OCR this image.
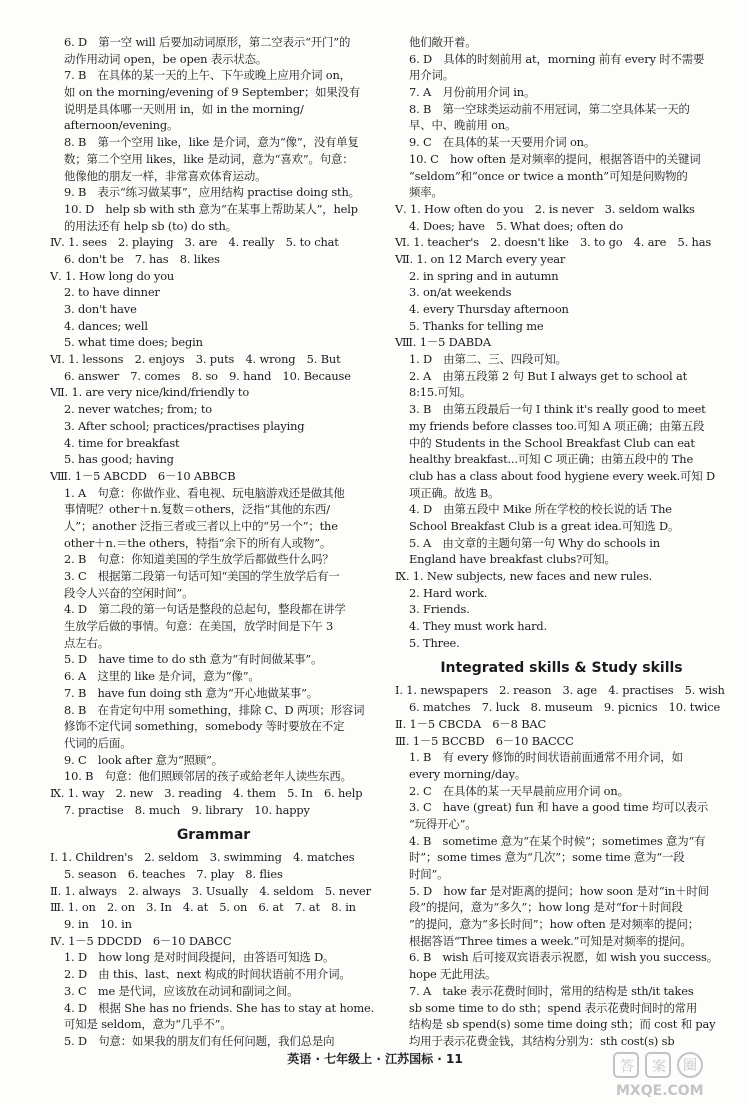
6. D　第一空 will 后要加动词原形，第二空表示“开门”的
动作用动词 open，be open 表示状态。
7. B　在具体的某一天的上午、下午或晚上应用介词 on，
如 on the morning/evening of 9 September；如果没有
说明是具体哪一天则用 in，如 in the morning/
afternoon/evening。
8. B　第一个空用 like，like 是介词，意为“像”，没有单复
数；第二个空用 likes，like 是动词，意为“喜欢”。句意：
他像他的朋友一样，非常喜欢体育运动。
9. B　表示“练习做某事”，应用结构 practise doing sth。
10. D　help sb with sth 意为“在某事上帮助某人”，help
的用法还有 help sb (to) do sth。
Ⅳ. 1. sees　2. playing　3. are　4. really　5. to chat
6. don't be　7. has　8. likes
Ⅴ. 1. How long do you
2. to have dinner
3. don't have
4. dances; well
5. what time does; begin
Ⅵ. 1. lessons　2. enjoys　3. puts　4. wrong　5. But
6. answer　7. comes　8. so　9. hand　10. Because
Ⅶ. 1. are very nice/kind/friendly to
2. never watches; from; to
3. After school; practices/practises playing
4. time for breakfast
5. has good; having
Ⅷ. 1－5 ABCDD　6－10 ABBCB
1. A　句意：你做作业、看电视、玩电脑游戏还是做其他
事情呢？other＋n.复数＝others，泛指“其他的东西/
人”；another 泛指三者或三者以上中的“另一个”；the
other＋n.＝the others，特指“余下的所有人或物”。
2. B　句意：你知道美国的学生放学后都做些什么吗？
3. C　根据第二段第一句话可知“美国的学生放学后有一
段令人兴奋的空闲时间”。
4. D　第二段的第一句话是整段的总起句，整段都在讲学
生放学后做的事情。句意：在美国，放学时间是下午 3
点左右。
5. D　have time to do sth 意为“有时间做某事”。
6. A　这里的 like 是介词，意为“像”。
7. B　have fun doing sth 意为“开心地做某事”。
8. B　在肯定句中用 something，排除 C、D 两项；形容词
修饰不定代词 something，somebody 等时要放在不定
代词的后面。
9. C　look after 意为“照顾”。
10. B　句意：他们照顾邻居的孩子或給老年人读些东西。
Ⅸ. 1. way　2. new　3. reading　4. them　5. In　6. help
7. practise　8. much　9. library　10. happy
Grammar
Ⅰ. 1. Children's　2. seldom　3. swimming　4. matches
5. season　6. teaches　7. play　8. flies
Ⅱ. 1. always　2. always　3. Usually　4. seldom　5. never
Ⅲ. 1. on　2. on　3. In　4. at　5. on　6. at　7. at　8. in
9. in　10. in
Ⅳ. 1－5 DDCDD　6－10 DABCC
1. D　how long 是对时间段提问，由答语可知选 D。
2. D　由 this、last、next 构成的时间状语前不用介词。
3. C　me 是代词，应该放在动词和副词之间。
4. D　根据 She has no friends. She has to stay at home.
可知是 seldom，意为“几乎不”。
5. D　句意：如果我的朋友们有任何问题，我们总是向
他们敞开着。
6. D　具体的时刻前用 at，morning 前有 every 时不需要
用介词。
7. A　月份前用介词 in。
8. B　第一空球类运动前不用冠词，第二空具体某一天的
早、中、晚前用 on。
9. C　在具体的某一天要用介词 on。
10. C　how often 是对频率的提问，根据答语中的关键词
“seldom”和“once or twice a month”可知是问购物的
频率。
Ⅴ. 1. How often do you　2. is never　3. seldom walks
4. Does; have　5. What does; often do
Ⅵ. 1. teacher's　2. doesn't like　3. to go　4. are　5. has
Ⅶ. 1. on 12 March every year
2. in spring and in autumn
3. on/at weekends
4. every Thursday afternoon
5. Thanks for telling me
Ⅷ. 1－5 DABDA
1. D　由第二、三、四段可知。
2. A　由第五段第 2 句 But I always get to school at
8:15.可知。
3. B　由第五段最后一句 I think it's really good to meet
my friends before classes too.可知 A 项正确；由第五段
中的 Students in the School Breakfast Club can eat
healthy breakfast...可知 C 项正确；由第五段中的 The
club has a class about food hygiene every week.可知 D
项正确。故选 B。
4. D　由第五段中 Mike 所在学校的校长说的话 The
School Breakfast Club is a great idea.可知选 D。
5. A　由文章的主题句第一句 Why do schools in
England have breakfast clubs?可知。
Ⅸ. 1. New subjects, new faces and new rules.
2. Hard work.
3. Friends.
4. They must work hard.
5. Three.
Integrated skills & Study skills
Ⅰ. 1. newspapers　2. reason　3. age　4. practises　5. wish
6. matches　7. luck　8. museum　9. picnics　10. twice
Ⅱ. 1－5 CBCDA　6－8 BAC
Ⅲ. 1－5 BCCBD　6－10 BACCC
1. B　有 every 修饰的时间状语前面通常不用介词，如
every morning/day。
2. C　在具体的某一天早晨前应用介词 on。
3. C　have (great) fun 和 have a good time 均可以表示
“玩得开心”。
4. B　sometime 意为“在某个时候”；sometimes 意为“有
时”；some times 意为“几次”；some time 意为“一段
时间”。
5. D　how far 是对距离的提问；how soon 是对“in＋时间
段”的提问，意为“多久”；how long 是对“for＋时间段
”的提问，意为“多长时间”；how often 是对频率的提问；
根据答语“Three times a week.”可知是对频率的提问。
6. B　wish 后可接双宾语表示祝愿，如 wish you success。
hope 无此用法。
7. A　take 表示花费时间时，常用的结构是 sth/it takes
sb some time to do sth；spend 表示花费时间时的常用
结构是 sb spend(s) some time doing sth；而 cost 和 pay
均用于表示花费金钱，其结构分别为：sth cost(s) sb
英语 · 七年级上 · 江苏国标 · 11	答 案 圈
MXQE.COM
